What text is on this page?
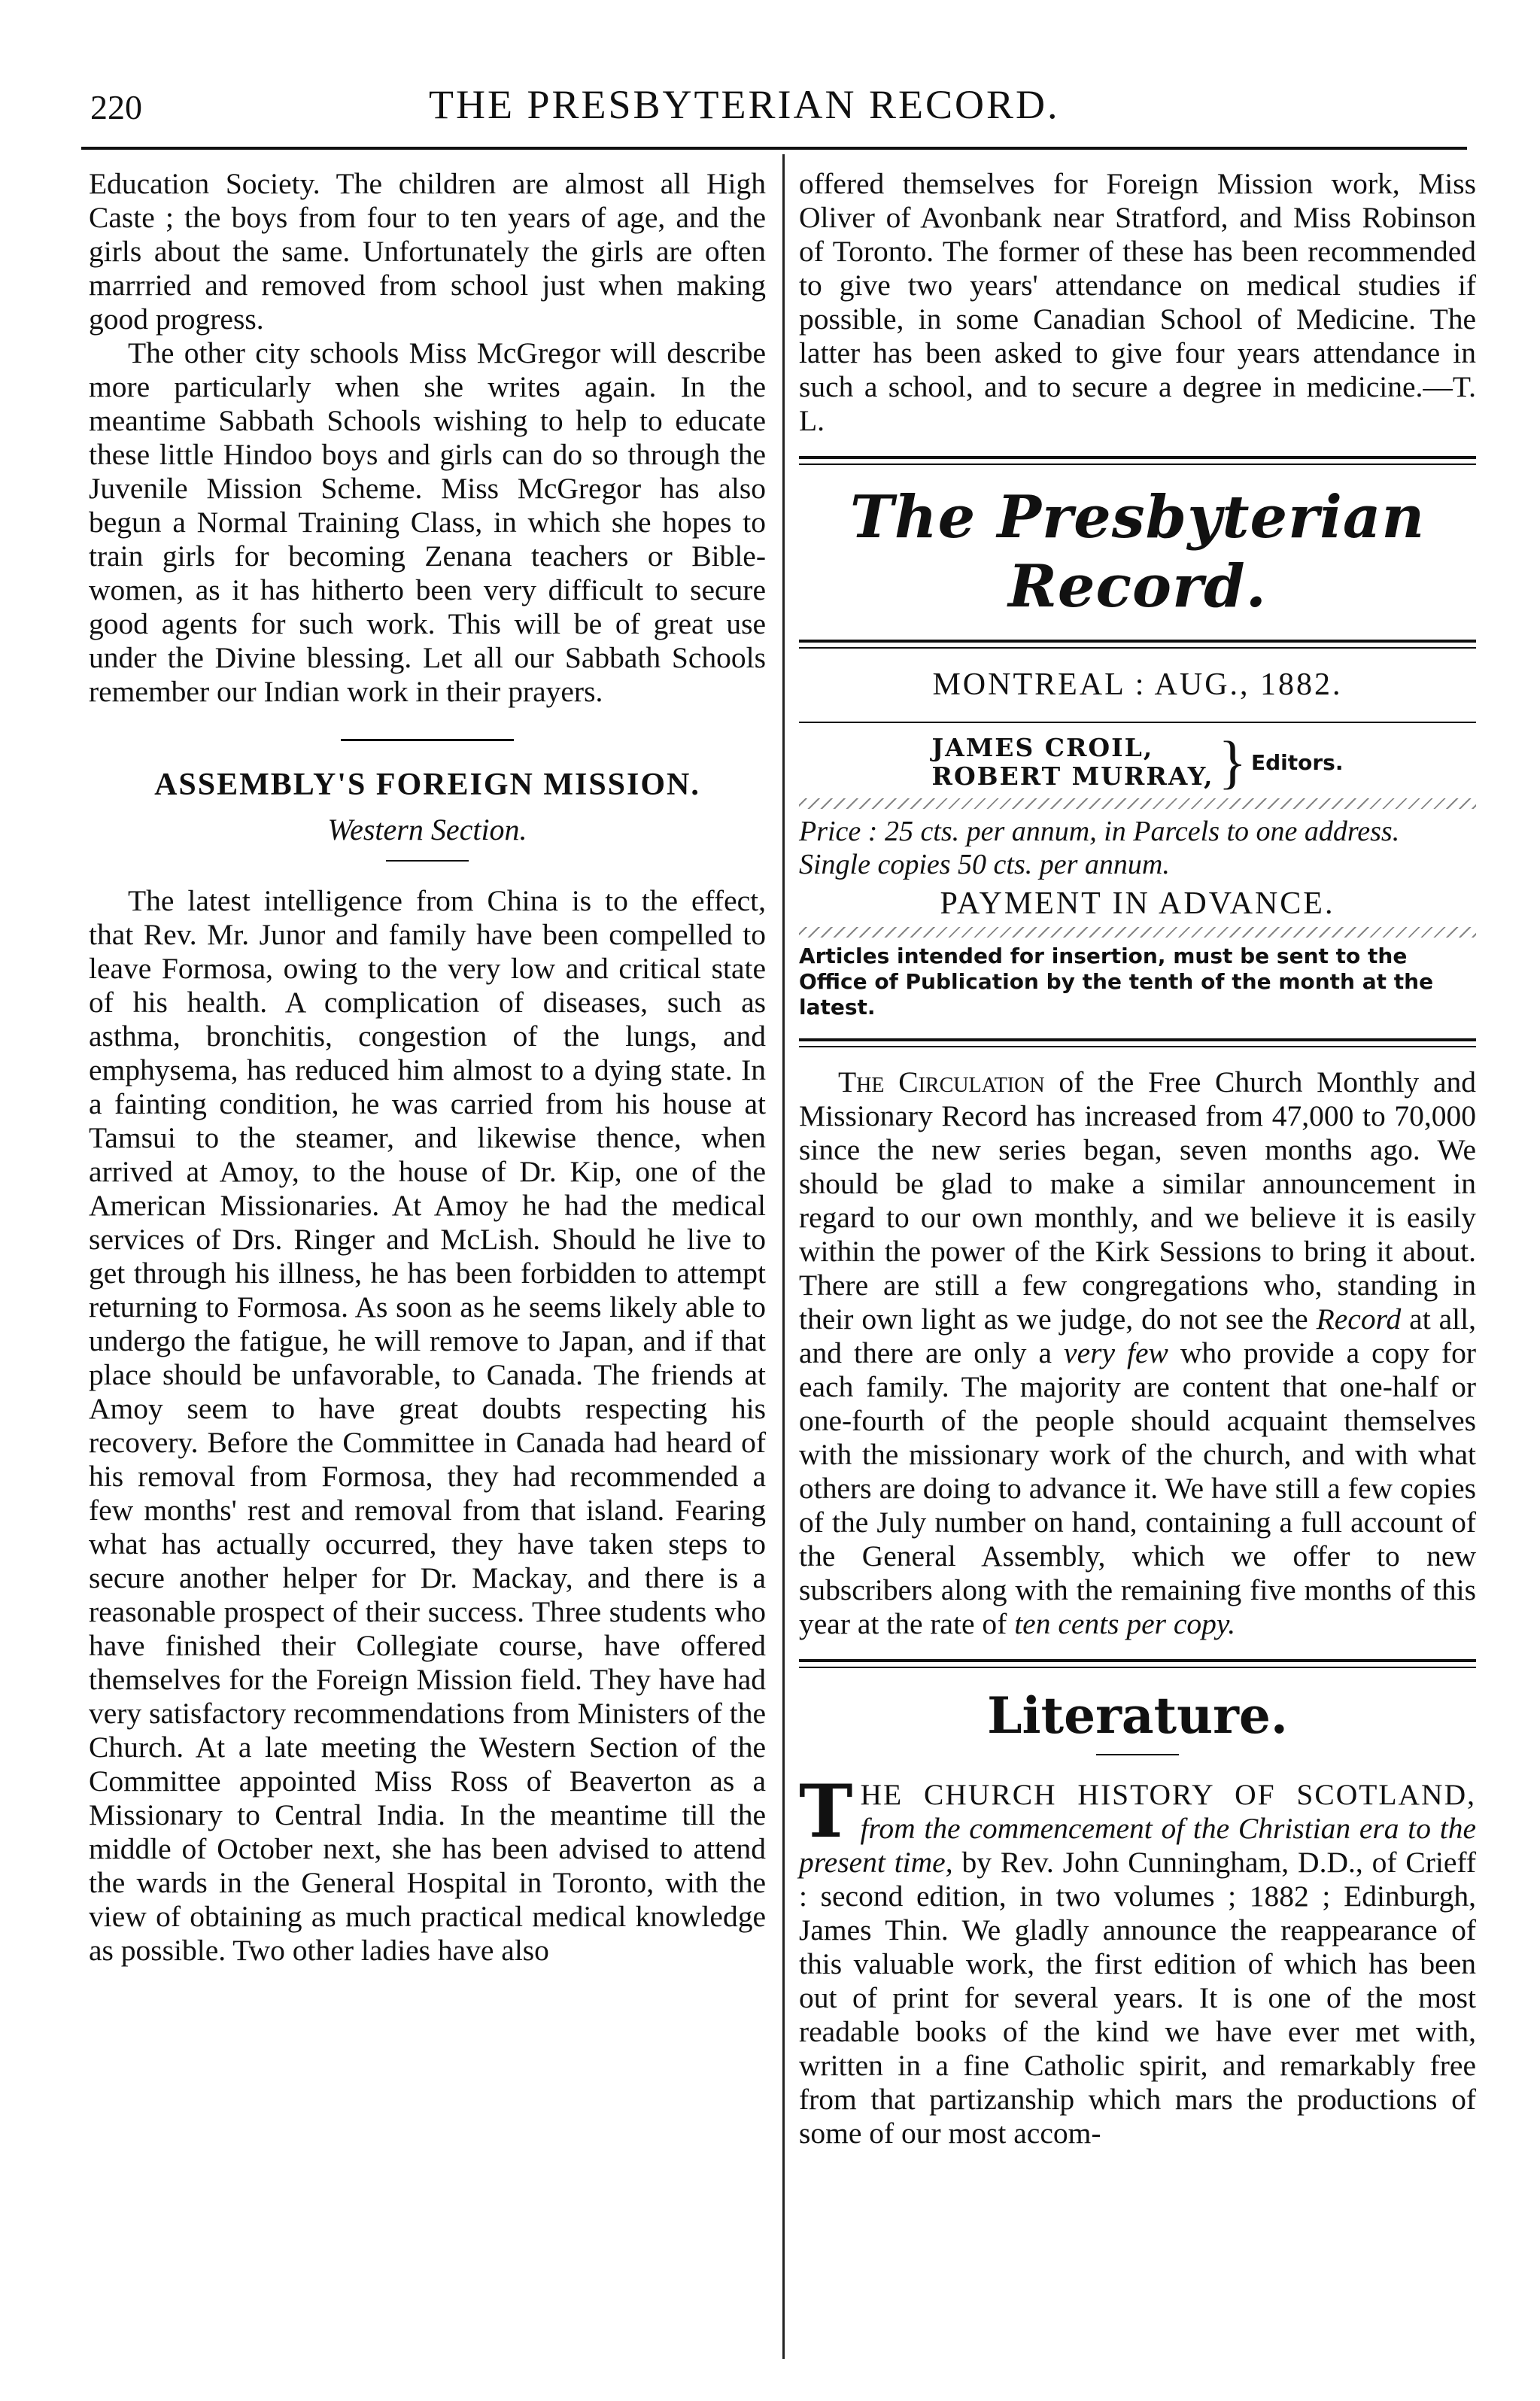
220	THE PRESBYTERIAN RECORD.

Education Society. The children are almost all High Caste ; the boys from four to ten years of age, and the girls about the same. Unfortunately the girls are often marrried and removed from school just when making good progress.

The other city schools Miss McGregor will describe more particularly when she writes again. In the meantime Sabbath Schools wishing to help to educate these little Hindoo boys and girls can do so through the Juvenile Mission Scheme. Miss McGregor has also begun a Normal Training Class, in which she hopes to train girls for becoming Zenana teachers or Bible-women, as it has hitherto been very difficult to secure good agents for such work. This will be of great use under the Divine blessing. Let all our Sabbath Schools remember our Indian work in their prayers.

ASSEMBLY'S FOREIGN MISSION.
Western Section.

The latest intelligence from China is to the effect, that Rev. Mr. Junor and family have been compelled to leave Formosa, owing to the very low and critical state of his health. A complication of diseases, such as asthma, bronchitis, congestion of the lungs, and emphysema, has reduced him almost to a dying state. In a fainting condition, he was carried from his house at Tamsui to the steamer, and likewise thence, when arrived at Amoy, to the house of Dr. Kip, one of the American Missionaries. At Amoy he had the medical services of Drs. Ringer and McLish. Should he live to get through his illness, he has been forbidden to attempt returning to Formosa. As soon as he seems likely able to undergo the fatigue, he will remove to Japan, and if that place should be unfavorable, to Canada. The friends at Amoy seem to have great doubts respecting his recovery. Before the Committee in Canada had heard of his removal from Formosa, they had recommended a few months' rest and removal from that island. Fearing what has actually occurred, they have taken steps to secure another helper for Dr. Mackay, and there is a reasonable prospect of their success. Three students who have finished their Collegiate course, have offered themselves for the Foreign Mission field. They have had very satisfactory recommendations from Ministers of the Church. At a late meeting the Western Section of the Committee appointed Miss Ross of Beaverton as a Missionary to Central India. In the meantime till the middle of October next, she has been advised to attend the wards in the General Hospital in Toronto, with the view of obtaining as much practical medical knowledge as possible. Two other ladies have also

offered themselves for Foreign Mission work, Miss Oliver of Avonbank near Stratford, and Miss Robinson of Toronto. The former of these has been recommended to give two years' attendance on medical studies if possible, in some Canadian School of Medicine. The latter has been asked to give four years attendance in such a school, and to secure a degree in medicine.—T. L.

The Presbyterian Record.
MONTREAL : AUG., 1882.
JAMES CROIL,
ROBERT MURRAY, } Editors.

Price : 25 cts. per annum, in Parcels to one address. Single copies 50 cts. per annum.

PAYMENT IN ADVANCE.

Articles intended for insertion, must be sent to the Office of Publication by the tenth of the month at the latest.

The Circulation of the Free Church Monthly and Missionary Record has increased from 47,000 to 70,000 since the new series began, seven months ago. We should be glad to make a similar announcement in regard to our own monthly, and we believe it is easily within the power of the Kirk Sessions to bring it about. There are still a few congregations who, standing in their own light as we judge, do not see the Record at all, and there are only a very few who provide a copy for each family. The majority are content that one-half or one-fourth of the people should acquaint themselves with the missionary work of the church, and with what others are doing to advance it. We have still a few copies of the July number on hand, containing a full account of the General Assembly, which we offer to new subscribers along with the remaining five months of this year at the rate of ten cents per copy.

Literature.

THE CHURCH HISTORY OF SCOTLAND, from the commencement of the Christian era to the present time, by Rev. John Cunningham, D.D., of Crieff : second edition, in two volumes ; 1882 ; Edinburgh, James Thin. We gladly announce the reappearance of this valuable work, the first edition of which has been out of print for several years. It is one of the most readable books of the kind we have ever met with, written in a fine Catholic spirit, and remarkably free from that partizanship which mars the productions of some of our most accom-
